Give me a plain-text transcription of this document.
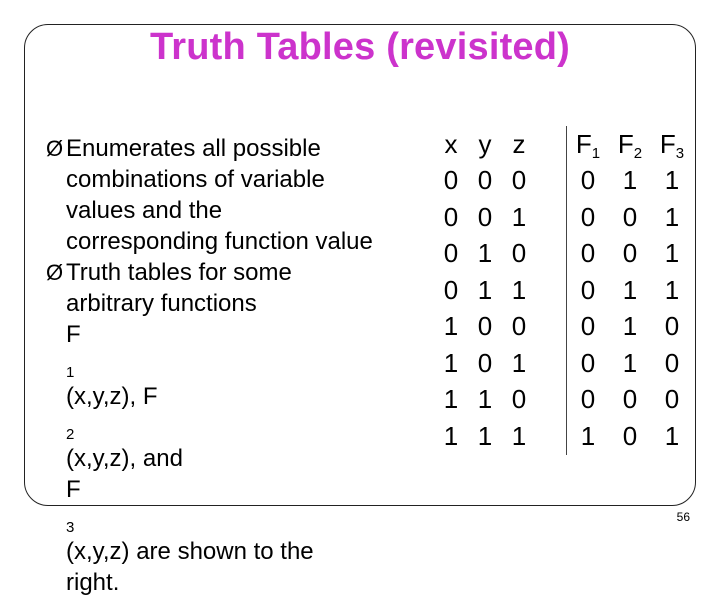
Truth Tables (revisited)
Ø Enumerates all possible
combinations of variable
values and the
corresponding function value
Ø Truth tables for some
arbitrary functions
F
$_1$
(x,y,z), F
$_2$
(x,y,z), and
F
$_3$
(x,y,z) are shown to the
right.
x	y	z		$F_1$	$F_2$	$F_3$
0	0	0		0	1	1
0	0	1		0	0	1
0	1	0		0	0	1
0	1	1		0	1	1
1	0	0		0	1	0
1	0	1		0	1	0
1	1	0		0	0	0
1	1	1		1	0	1
56
